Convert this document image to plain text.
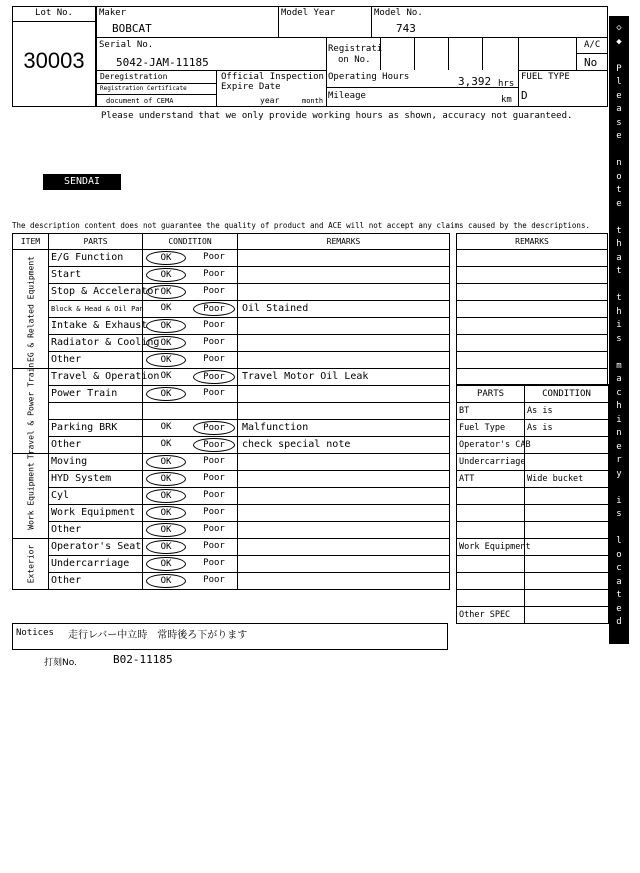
Lot No.
30003
Maker
BOBCAT
Model Year	Model No.
743
Serial No.
5042-JAM-11185
Registrati
on No.
A/C
No
Deregistration
Registration Certificate
document of CEMA
Official Inspection
Expire Date
year	month
Operating Hours	3,392 hrs
Mileage	km
FUEL TYPE
D
Please understand that we only provide working hours as shown, accuracy not guaranteed.
SENDAI
The description content does not guarantee the quality of product and ACE will not accept any claims caused by the descriptions.
◇
◆

P
l
e
a
s
e

n
o
t
e

t
h
a
t

t
h
i
s

m
a
c
h
i
n
e
r
y

i
s

l
o
c
a
t
e
d

i
n

S
e
n
d
a
i

Y
a
r
d

◇
◆
ITEM	PARTS	CONDITION	REMARKS

EG & Related Equipment	E/G Function	OK Poor	

	Start	OK Poor	

	Stop & Accelerator	OK Poor	

	Block & Head & Oil Pan	OK Poor	Oil Stained
	Intake & Exhaust	OK Poor	

	Radiator & Cooling	OK Poor	

	Other	OK Poor	

Travel & Power Train	Travel & Operation	OK Poor	Travel Motor Oil Leak
	Power Train	OK Poor	

	Parking BRK	OK Poor	Malfunction
	Other	OK Poor	check special note

Work Equipment	Moving	OK Poor	

	HYD System	OK Poor	

	Cyl	OK Poor	

	Work Equipment	OK Poor	

	Other	OK Poor	

Exterior	Operator's Seat	OK Poor	

	Undercarriage	OK Poor	

	Other	OK Poor	

REMARKS

PARTS	CONDITION
BT	As is
Fuel Type	As is
Operator's CAB	
Undercarriage	
ATT	Wide bucket

Work Equipment	

Other SPEC	
Notices 走行レバー中立時　常時後ろ下がります
打刻No.	B02-11185
